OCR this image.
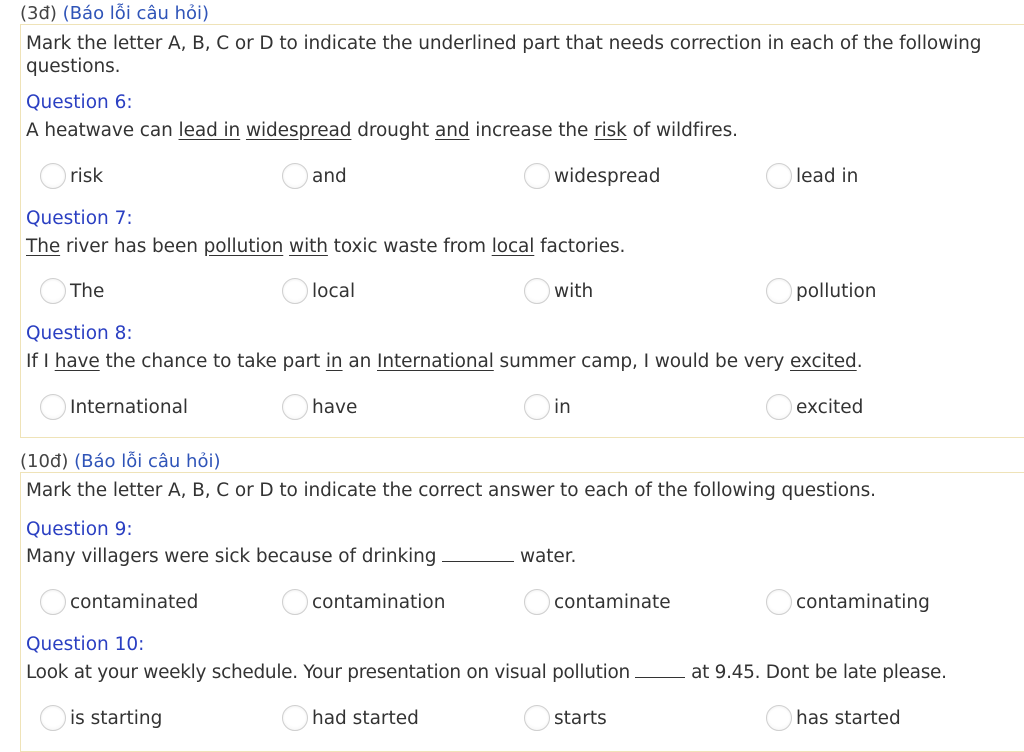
(3đ) (Báo lỗi câu hỏi)
Mark the letter A, B, C or D to indicate the underlined part that needs correction in each of the following questions.
Question 6:
A heatwave can lead in widespread drought and increase the risk of wildfires.
risk	and	widespread	lead in
Question 7:
The river has been pollution with toxic waste from local factories.
The	local	with	pollution
Question 8:
If I have the chance to take part in an International summer camp, I would be very excited.
International	have	in	excited
(10đ) (Báo lỗi câu hỏi)
Mark the letter A, B, C or D to indicate the correct answer to each of the following questions.
Question 9:
Many villagers were sick because of drinking	water.
contaminated	contamination	contaminate	contaminating
Question 10:
Look at your weekly schedule. Your presentation on visual pollution	at 9.45. Dont be late please.
is starting	had started	starts	has started
